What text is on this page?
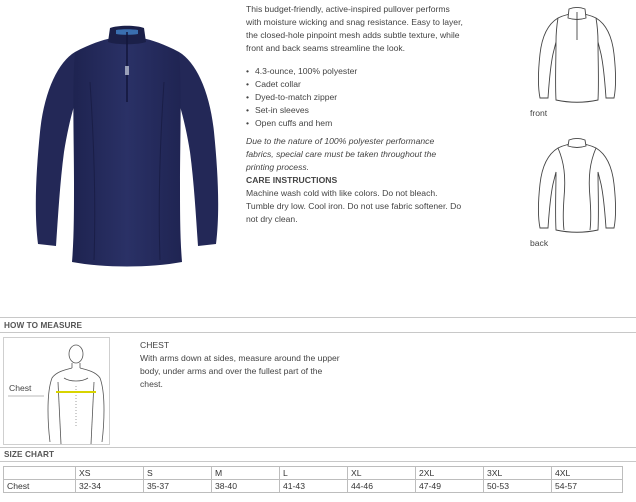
This budget-friendly, active-inspired pullover performs with moisture wicking and snag resistance. Easy to layer, the closed-hole pinpoint mesh adds subtle texture, while front and back seams streamline the look.

• 4.3-ounce, 100% polyester
• Cadet collar
• Dyed-to-match zipper
• Set-in sleeves
• Open cuffs and hem
Due to the nature of 100% polyester performance fabrics, special care must be taken throughout the printing process.
CARE INSTRUCTIONS
Machine wash cold with like colors. Do not bleach. Tumble dry low. Cool iron. Do not use fabric softener. Do not dry clean.
front
back
HOW TO MEASURE
Chest
CHEST
With arms down at sides, measure around the upper body, under arms and over the fullest part of the chest.
SIZE CHART
	XS	S	M	L	XL	2XL	3XL	4XL
Chest	32-34	35-37	38-40	41-43	44-46	47-49	50-53	54-57
